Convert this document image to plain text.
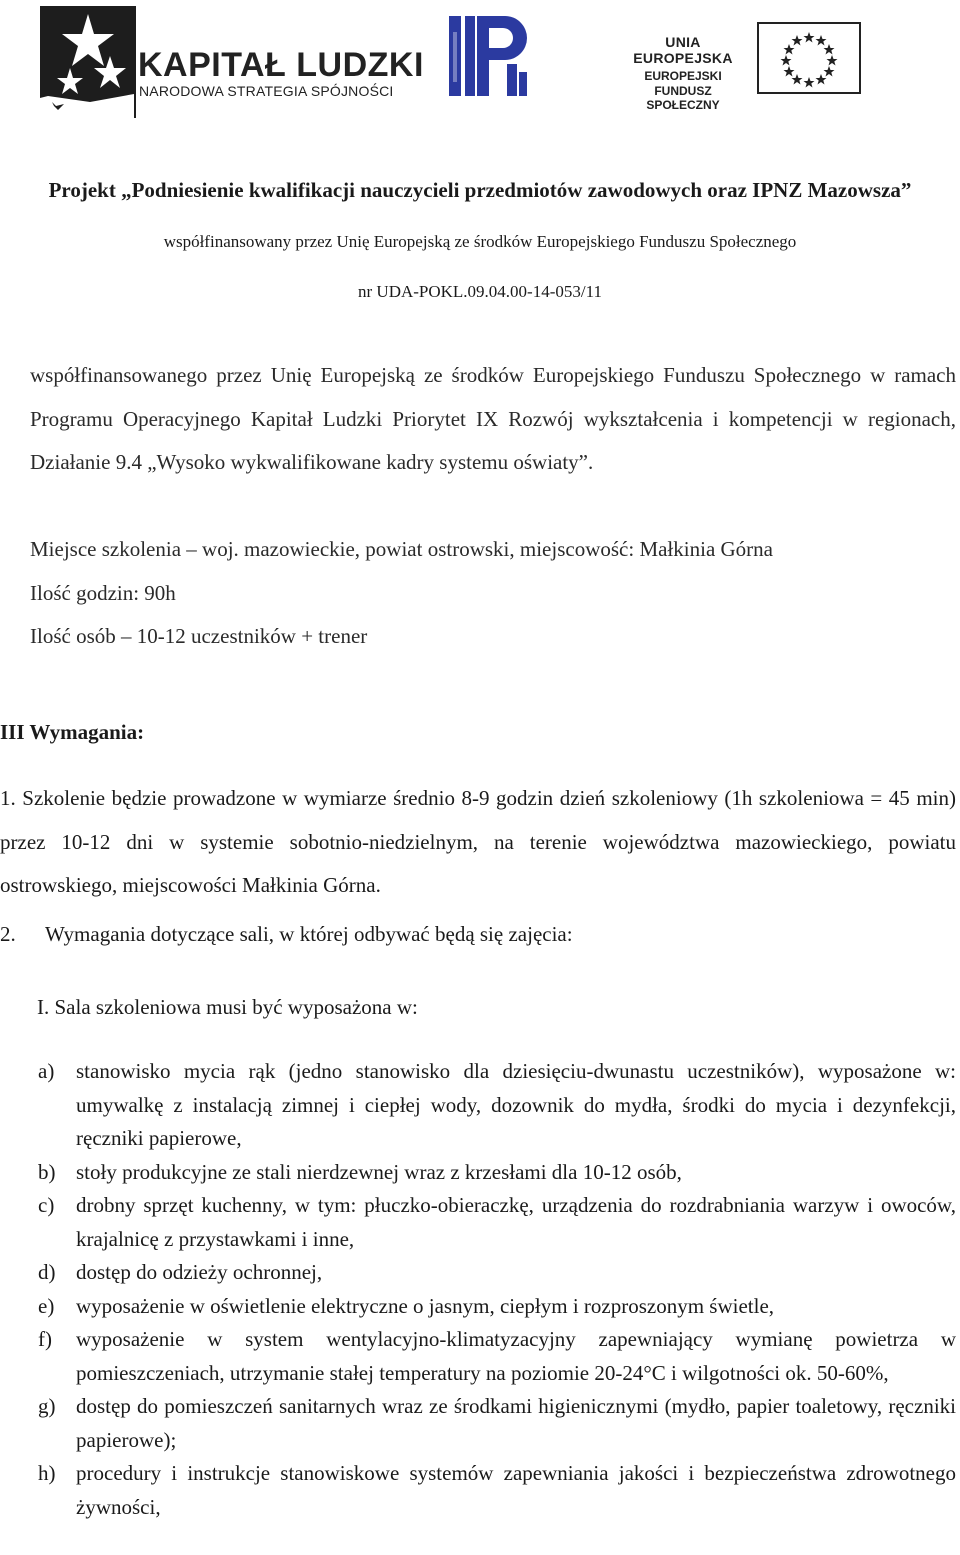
KAPITAŁ LUDZKI
NARODOWA STRATEGIA SPÓJNOŚCI
UNIA EUROPEJSKA
EUROPEJSKI
FUNDUSZ SPOŁECZNY
Projekt „Podniesienie kwalifikacji nauczycieli przedmiotów zawodowych oraz IPNZ Mazowsza”
współfinansowany przez Unię Europejską ze środków Europejskiego Funduszu Społecznego
nr UDA-POKL.09.04.00-14-053/11
współfinansowanego przez Unię Europejską ze środków Europejskiego Funduszu Społecznego w ramach Programu Operacyjnego Kapitał Ludzki Priorytet IX Rozwój wykształcenia i kompetencji w regionach, Działanie 9.4 „Wysoko wykwalifikowane kadry systemu oświaty”.
Miejsce szkolenia – woj. mazowieckie, powiat ostrowski, miejscowość: Małkinia Górna
Ilość godzin: 90h
Ilość osób – 10-12 uczestników + trener
III Wymagania:
1. Szkolenie będzie prowadzone w wymiarze średnio 8-9 godzin dzień szkoleniowy (1h szkoleniowa = 45 min) przez 10-12 dni w systemie sobotnio-niedzielnym, na terenie województwa mazowieckiego, powiatu ostrowskiego, miejscowości Małkinia Górna.
2. Wymagania dotyczące sali, w której odbywać będą się zajęcia:
I. Sala szkoleniowa musi być wyposażona w:
a) stanowisko mycia rąk (jedno stanowisko dla dziesięciu-dwunastu uczestników), wyposażone w: umywalkę z instalacją zimnej i ciepłej wody, dozownik do mydła, środki do mycia i dezynfekcji, ręczniki papierowe,
b) stoły produkcyjne ze stali nierdzewnej wraz z krzesłami dla 10-12 osób,
c) drobny sprzęt kuchenny, w tym: płuczko-obieraczkę, urządzenia do rozdrabniania warzyw i owoców, krajalnicę z przystawkami i inne,
d) dostęp do odzieży ochronnej,
e) wyposażenie w oświetlenie elektryczne o jasnym, ciepłym i rozproszonym świetle,
f) wyposażenie w system wentylacyjno-klimatyzacyjny zapewniający wymianę powietrza w pomieszczeniach, utrzymanie stałej temperatury na poziomie 20-24°C i wilgotności ok. 50-60%,
g) dostęp do pomieszczeń sanitarnych wraz ze środkami higienicznymi (mydło, papier toaletowy, ręczniki papierowe);
h) procedury i instrukcje stanowiskowe systemów zapewniania jakości i bezpieczeństwa zdrowotnego żywności,
